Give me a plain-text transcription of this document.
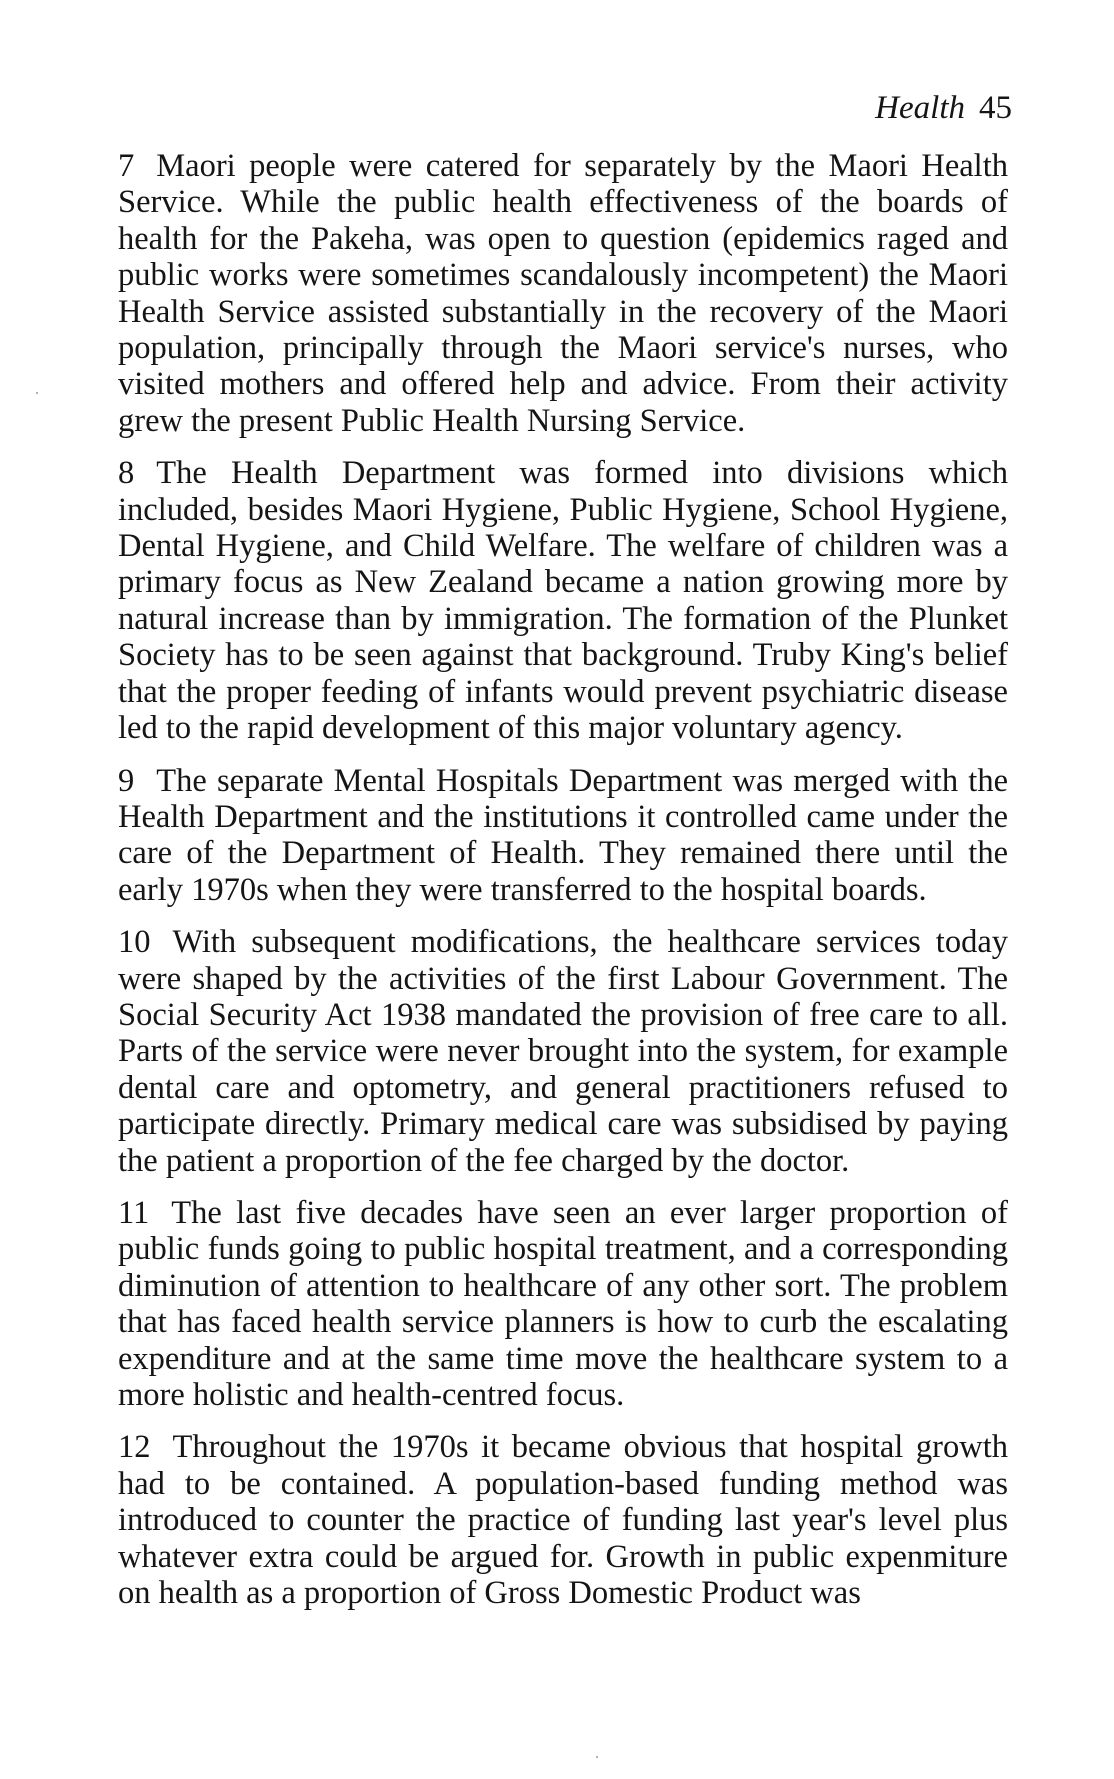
Health 45

7 Maori people were catered for separately by the Maori Health Service. While the public health effectiveness of the boards of health for the Pakeha, was open to question (epidemics raged and public works were sometimes scandalously incompetent) the Maori Health Service assisted substantially in the recovery of the Maori population, principally through the Maori service's nurses, who visited mothers and offered help and advice. From their activity grew the present Public Health Nursing Service.

8 The Health Department was formed into divisions which included, besides Maori Hygiene, Public Hygiene, School Hygiene, Dental Hygiene, and Child Welfare. The welfare of children was a primary focus as New Zealand became a nation growing more by natural increase than by immigration. The formation of the Plunket Society has to be seen against that background. Truby King's belief that the proper feeding of infants would prevent psychiatric disease led to the rapid development of this major voluntary agency.

9 The separate Mental Hospitals Department was merged with the Health Department and the institutions it controlled came under the care of the Department of Health. They remained there until the early 1970s when they were transferred to the hospital boards.

10 With subsequent modifications, the healthcare services today were shaped by the activities of the first Labour Government. The Social Security Act 1938 mandated the provision of free care to all. Parts of the service were never brought into the system, for example dental care and optometry, and general practitioners refused to participate directly. Primary medical care was subsidised by paying the patient a proportion of the fee charged by the doctor.

11 The last five decades have seen an ever larger proportion of public funds going to public hospital treatment, and a corresponding diminution of attention to healthcare of any other sort. The problem that has faced health service planners is how to curb the escalating expenditure and at the same time move the healthcare system to a more holistic and health-centred focus.

12 Throughout the 1970s it became obvious that hospital growth had to be contained. A population-based funding method was introduced to counter the practice of funding last year's level plus whatever extra could be argued for. Growth in public expenmiture on health as a proportion of Gross Domestic Product was
